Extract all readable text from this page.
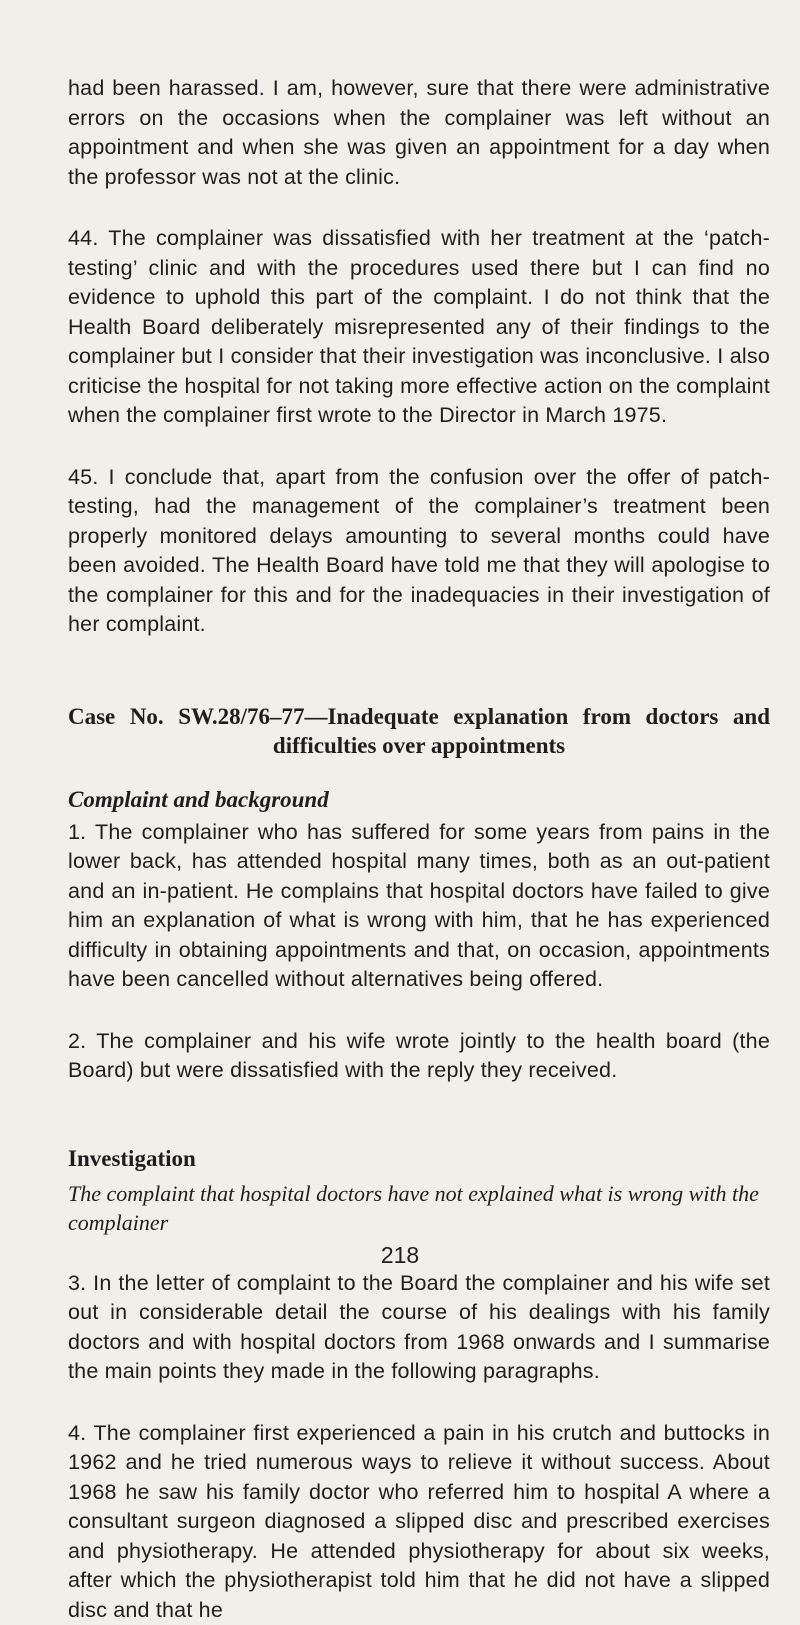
had been harassed. I am, however, sure that there were administrative errors on the occasions when the complainer was left without an appointment and when she was given an appointment for a day when the professor was not at the clinic.

44. The complainer was dissatisfied with her treatment at the ‘patch-testing’ clinic and with the procedures used there but I can find no evidence to uphold this part of the complaint. I do not think that the Health Board deliberately misrepresented any of their findings to the complainer but I consider that their investigation was inconclusive. I also criticise the hospital for not taking more effective action on the complaint when the complainer first wrote to the Director in March 1975.

45. I conclude that, apart from the confusion over the offer of patch-testing, had the management of the complainer’s treatment been properly monitored delays amounting to several months could have been avoided. The Health Board have told me that they will apologise to the complainer for this and for the inadequacies in their investigation of her complaint.

Case No. SW.28/76–77—Inadequate explanation from doctors and
difficulties over appointments

Complaint and background

1. The complainer who has suffered for some years from pains in the lower back, has attended hospital many times, both as an out-patient and an in-patient. He complains that hospital doctors have failed to give him an explanation of what is wrong with him, that he has experienced difficulty in obtaining appointments and that, on occasion, appointments have been cancelled without alternatives being offered.

2. The complainer and his wife wrote jointly to the health board (the Board) but were dissatisfied with the reply they received.

Investigation

The complaint that hospital doctors have not explained what is wrong with the complainer

3. In the letter of complaint to the Board the complainer and his wife set out in considerable detail the course of his dealings with his family doctors and with hospital doctors from 1968 onwards and I summarise the main points they made in the following paragraphs.

4. The complainer first experienced a pain in his crutch and buttocks in 1962 and he tried numerous ways to relieve it without success. About 1968 he saw his family doctor who referred him to hospital A where a consultant surgeon diagnosed a slipped disc and prescribed exercises and physiotherapy. He attended physiotherapy for about six weeks, after which the physiotherapist told him that he did not have a slipped disc and that he

218
